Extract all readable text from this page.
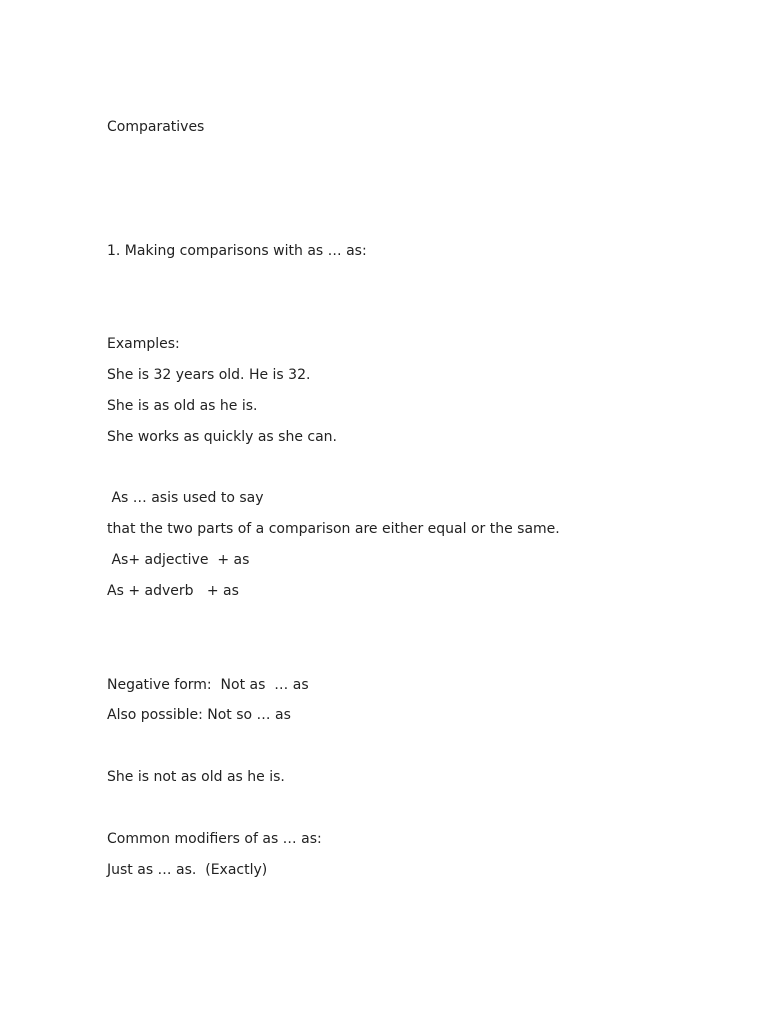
Comparatives

1. Making comparisons with as … as:

Examples:

She is 32 years old. He is 32.

She is as old as he is.

She works as quickly as she can.

As … asis used to say

that the two parts of a comparison are either equal or the same.

As+ adjective  + as

As + adverb   + as

Negative form:  Not as  … as

Also possible: Not so … as

She is not as old as he is.

Common modifiers of as … as:

Just as … as.  (Exactly)
